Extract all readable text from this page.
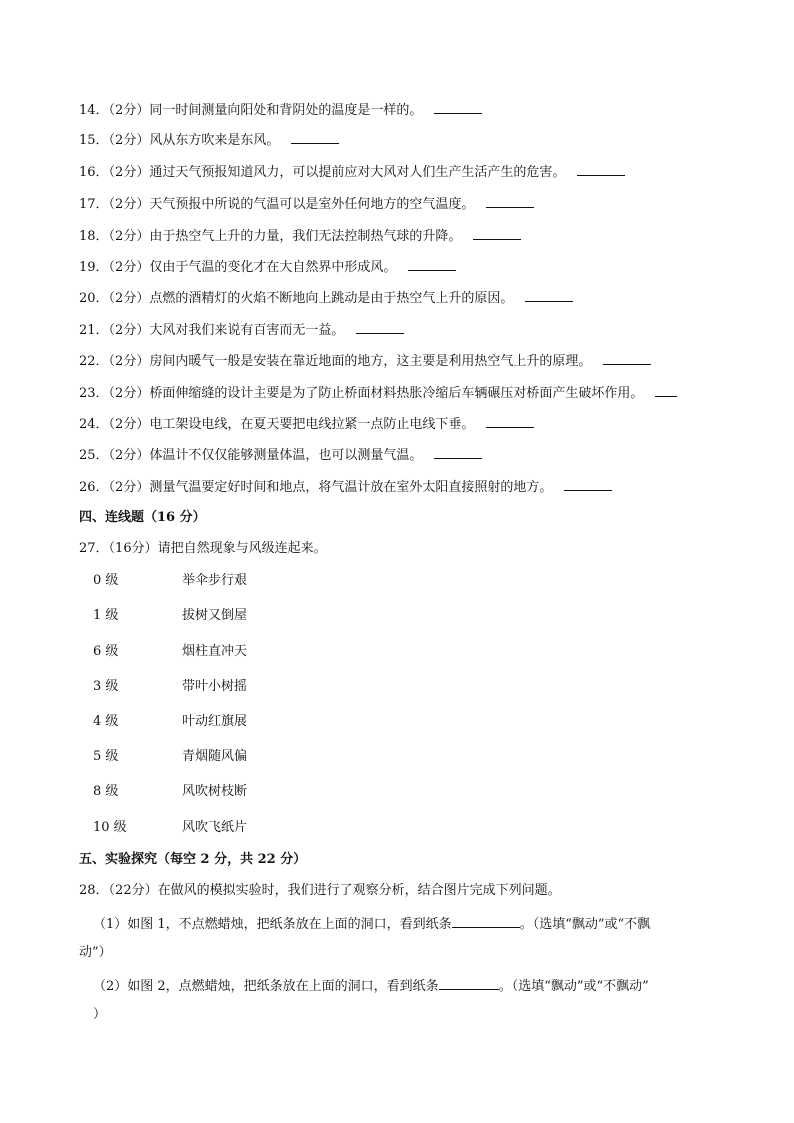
14．（2分）同一时间测量向阳处和背阴处的温度是一样的。
15．（2分）风从东方吹来是东风。
16．（2分）通过天气预报知道风力，可以提前应对大风对人们生产生活产生的危害。
17．（2分）天气预报中所说的气温可以是室外任何地方的空气温度。
18．（2分）由于热空气上升的力量，我们无法控制热气球的升降。
19．（2分）仅由于气温的变化才在大自然界中形成风。
20．（2分）点燃的酒精灯的火焰不断地向上跳动是由于热空气上升的原因。
21．（2分）大风对我们来说有百害而无一益。
22．（2分）房间内暖气一般是安装在靠近地面的地方，这主要是利用热空气上升的原理。
23．（2分）桥面伸缩缝的设计主要是为了防止桥面材料热胀冷缩后车辆碾压对桥面产生破坏作用。
24．（2分）电工架设电线，在夏天要把电线拉紧一点防止电线下垂。
25．（2分）体温计不仅仅能够测量体温，也可以测量气温。
26．（2分）测量气温要定好时间和地点，将气温计放在室外太阳直接照射的地方。
四、连线题（16 分）
27．（16分）请把自然现象与风级连起来。
0 级	举伞步行艰
1 级	拔树又倒屋
6 级	烟柱直冲天
3 级	带叶小树摇
4 级	叶动红旗展
5 级	青烟随风偏
8 级	风吹树枝断
10 级	风吹飞纸片
五、实验探究（每空 2 分，共 22 分）
28．（22分）在做风的模拟实验时，我们进行了观察分析，结合图片完成下列问题。
（1）如图 1，不点燃蜡烛，把纸条放在上面的洞口，看到纸条	。（选填“飘动”或“不飘
动”）
（2）如图 2，点燃蜡烛，把纸条放在上面的洞口，看到纸条	。（选填“飘动”或“不飘动”
）
